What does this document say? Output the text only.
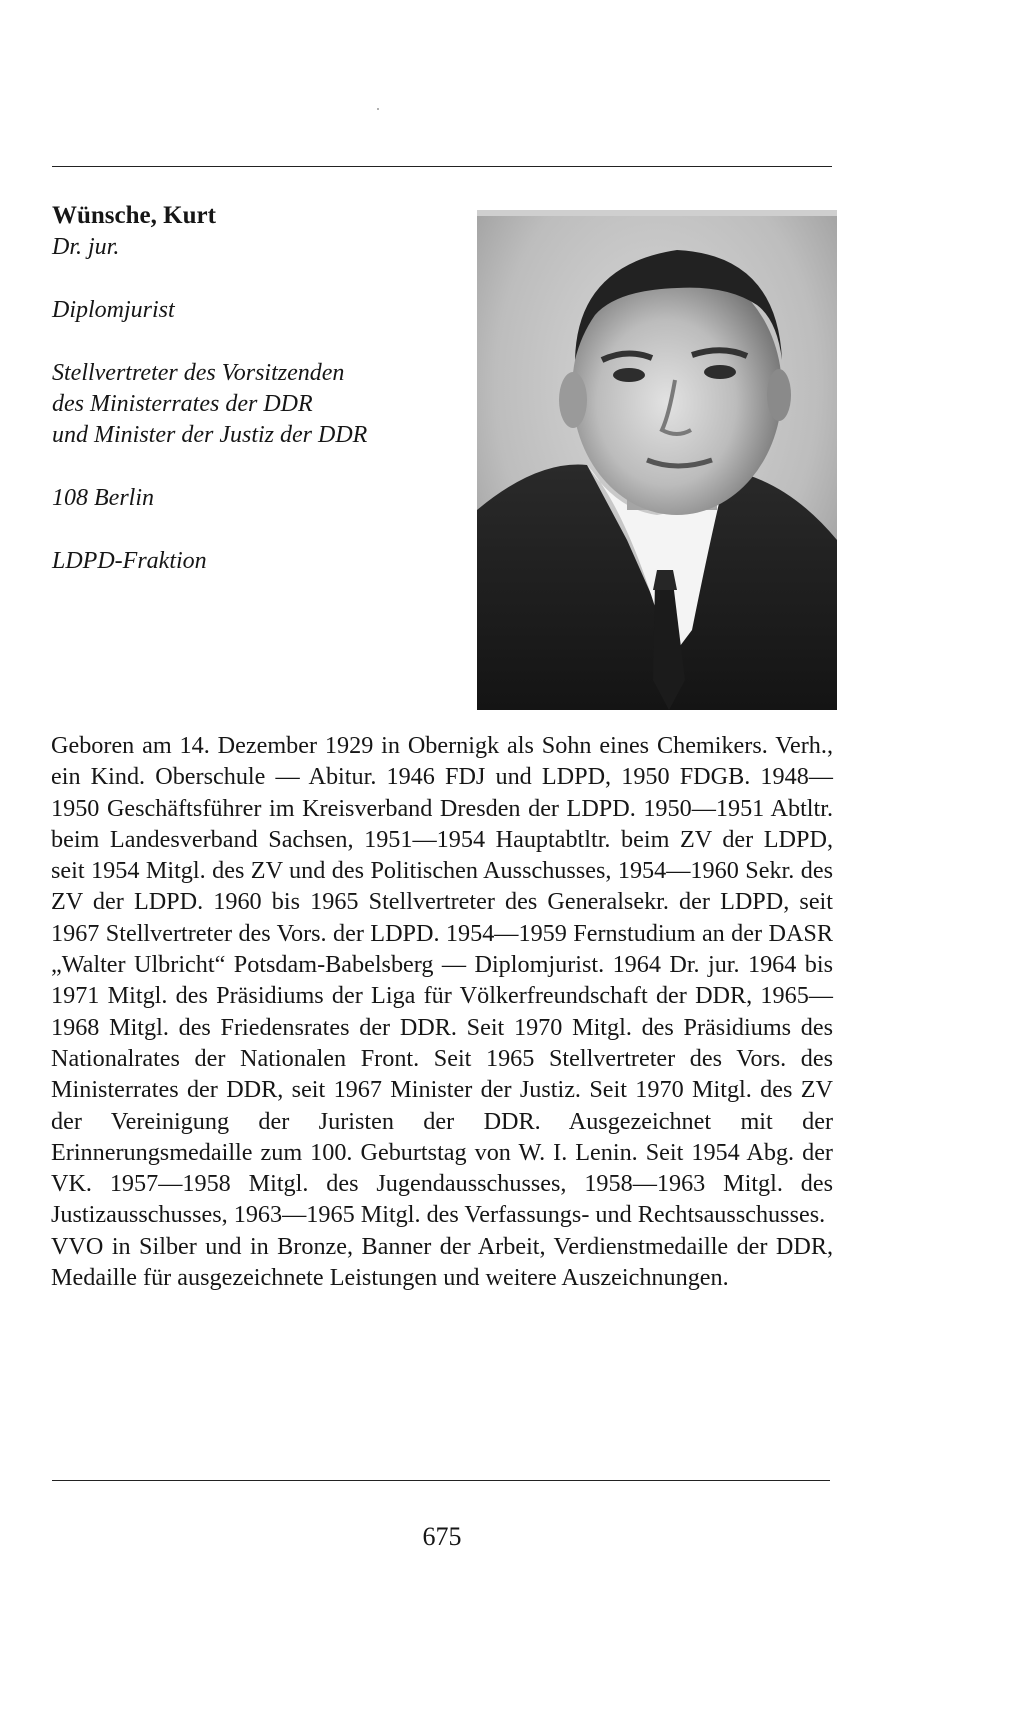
Wünsche, Kurt

Dr. jur.

Diplomjurist

Stellvertreter des Vorsitzenden

des Ministerrates der DDR

und Minister der Justiz der DDR

108 Berlin

LDPD-Fraktion

Geboren am 14. Dezember 1929 in Obernigk als Sohn eines Chemikers. Verh., ein Kind. Oberschule — Abitur. 1946 FDJ und LDPD, 1950 FDGB. 1948—1950 Geschäftsführer im Kreisverband Dresden der LDPD. 1950—1951 Abtltr. beim Landesverband Sachsen, 1951—1954 Hauptabtltr. beim ZV der LDPD, seit 1954 Mitgl. des ZV und des Politischen Ausschusses, 1954—1960 Sekr. des ZV der LDPD. 1960 bis 1965 Stellvertreter des Generalsekr. der LDPD, seit 1967 Stellvertreter des Vors. der LDPD. 1954—1959 Fernstudium an der DASR „Walter Ulbricht“ Potsdam-Babelsberg — Diplomjurist. 1964 Dr. jur. 1964 bis 1971 Mitgl. des Präsidiums der Liga für Völkerfreundschaft der DDR, 1965—1968 Mitgl. des Friedensrates der DDR. Seit 1970 Mitgl. des Präsidiums des Nationalrates der Nationalen Front. Seit 1965 Stellvertreter des Vors. des Ministerrates der DDR, seit 1967 Minister der Justiz. Seit 1970 Mitgl. des ZV der Vereinigung der Juristen der DDR. Ausgezeichnet mit der Erinnerungsmedaille zum 100. Geburtstag von W. I. Lenin. Seit 1954 Abg. der VK. 1957—1958 Mitgl. des Jugendausschusses, 1958—1963 Mitgl. des Justizausschusses, 1963—1965 Mitgl. des Verfassungs- und Rechtsausschusses.

VVO in Silber und in Bronze, Banner der Arbeit, Verdienstmedaille der DDR, Medaille für ausgezeichnete Leistungen und weitere Auszeichnungen.

675
